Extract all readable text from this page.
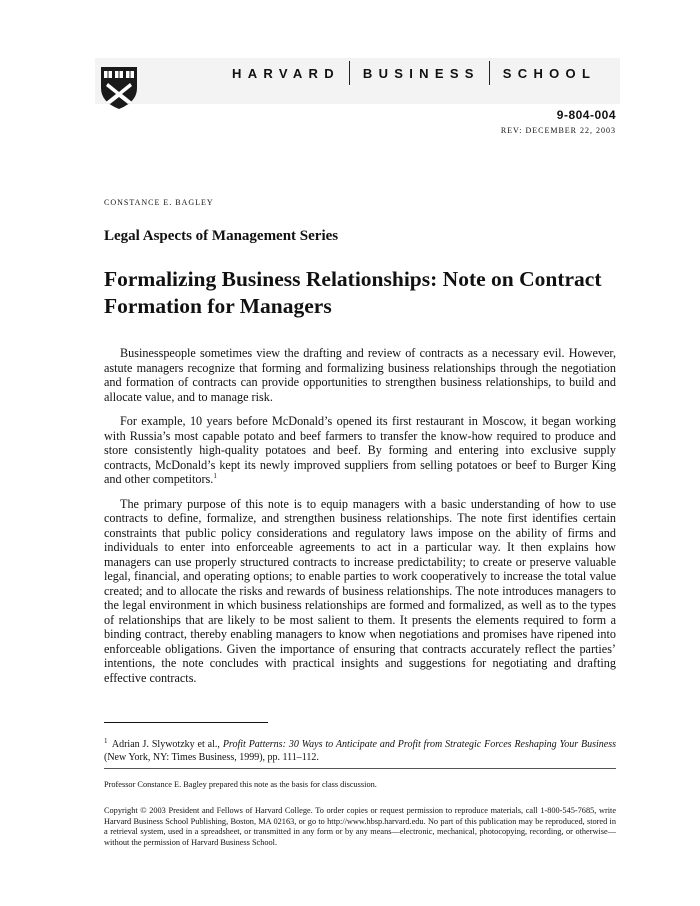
HARVARD BUSINESS SCHOOL
9-804-004
REV: DECEMBER 22, 2003
CONSTANCE E. BAGLEY
Legal Aspects of Management Series
Formalizing Business Relationships: Note on Contract Formation for Managers

Businesspeople sometimes view the drafting and review of contracts as a necessary evil. However, astute managers recognize that forming and formalizing business relationships through the negotiation and formation of contracts can provide opportunities to strengthen business relationships, to build and allocate value, and to manage risk.

For example, 10 years before McDonald’s opened its first restaurant in Moscow, it began working with Russia’s most capable potato and beef farmers to transfer the know-how required to produce and store consistently high-quality potatoes and beef. By forming and entering into exclusive supply contracts, McDonald’s kept its newly improved suppliers from selling potatoes or beef to Burger King and other competitors.$^1$

The primary purpose of this note is to equip managers with a basic understanding of how to use contracts to define, formalize, and strengthen business relationships. The note first identifies certain constraints that public policy considerations and regulatory laws impose on the ability of firms and individuals to enter into enforceable agreements to act in a particular way. It then explains how managers can use properly structured contracts to increase predictability; to create or preserve valuable legal, financial, and operating options; to enable parties to work cooperatively to increase the total value created; and to allocate the risks and rewards of business relationships. The note introduces managers to the legal environment in which business relationships are formed and formalized, as well as to the types of relationships that are likely to be most salient to them. It presents the elements required to form a binding contract, thereby enabling managers to know when negotiations and promises have ripened into enforceable obligations. Given the importance of ensuring that contracts accurately reflect the parties’ intentions, the note concludes with practical insights and suggestions for negotiating and drafting effective contracts.

$^1$ Adrian J. Slywotzky et al., Profit Patterns: 30 Ways to Anticipate and Profit from Strategic Forces Reshaping Your Business (New York, NY: Times Business, 1999), pp. 111–112.
Professor Constance E. Bagley prepared this note as the basis for class discussion.
Copyright © 2003 President and Fellows of Harvard College. To order copies or request permission to reproduce materials, call 1-800-545-7685, write Harvard Business School Publishing, Boston, MA 02163, or go to http://www.hbsp.harvard.edu. No part of this publication may be reproduced, stored in a retrieval system, used in a spreadsheet, or transmitted in any form or by any means—electronic, mechanical, photocopying, recording, or otherwise—without the permission of Harvard Business School.
